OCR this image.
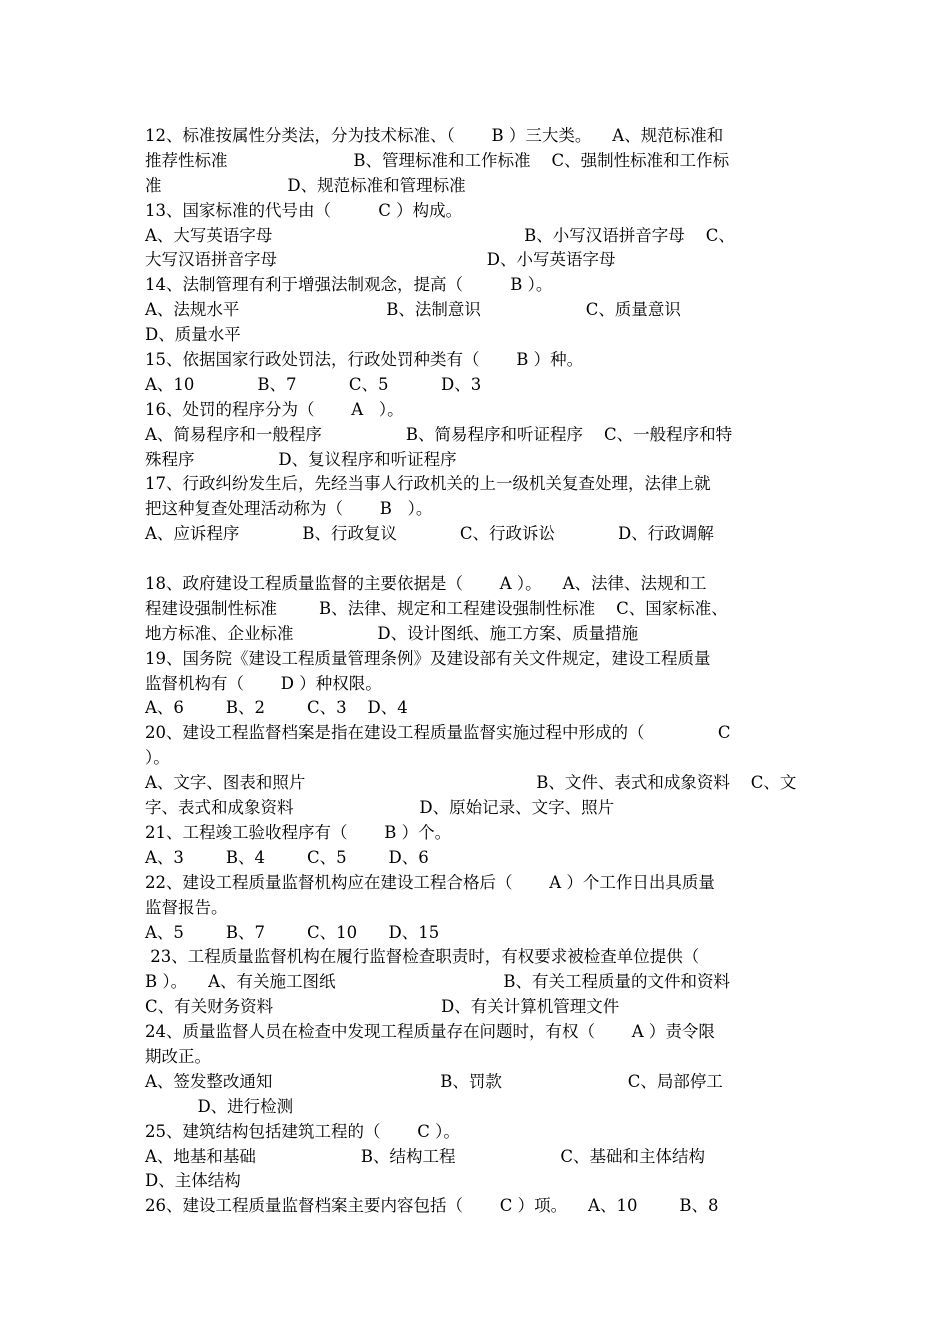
12、标准按属性分类法，分为技术标准、（       B ）三大类。    A、规范标准和
推荐性标准                        B、管理标准和工作标准    C、强制性标准和工作标
准                        D、规范标准和管理标准
13、国家标准的代号由（         C ）构成。
A、大写英语字母                                                B、小写汉语拼音字母    C、
大写汉语拼音字母                                        D、小写英语字母
14、法制管理有利于增强法制观念，提高（         B ）。
A、法规水平                            B、法制意识                    C、质量意识
D、质量水平
15、依据国家行政处罚法，行政处罚种类有（       B ）种。
A、10            B、7          C、5          D、3
16、处罚的程序分为（       A   ）。
A、简易程序和一般程序                B、简易程序和听证程序    C、一般程序和特
殊程序                D、复议程序和听证程序
17、行政纠纷发生后，先经当事人行政机关的上一级机关复查处理，法律上就
把这种复查处理活动称为（       B   ）。
A、应诉程序            B、行政复议            C、行政诉讼            D、行政调解
18、政府建设工程质量监督的主要依据是（       A ）。    A、法律、法规和工
程建设强制性标准        B、法律、规定和工程建设强制性标准    C、国家标准、
地方标准、企业标准                D、设计图纸、施工方案、质量措施
19、国务院《建设工程质量管理条例》及建设部有关文件规定，建设工程质量
监督机构有（       D ）种权限。
A、6        B、2        C、3    D、4
20、建设工程监督档案是指在建设工程质量监督实施过程中形成的（              C
）。
A、文字、图表和照片                                            B、文件、表式和成象资料    C、文
字、表式和成象资料                        D、原始记录、文字、照片
21、工程竣工验收程序有（       B ）个。
A、3        B、4        C、5        D、6
22、建设工程质量监督机构应在建设工程合格后（       A ）个工作日出具质量
监督报告。
A、5        B、7        C、10      D、15
23、工程质量监督机构在履行监督检查职责时，有权要求被检查单位提供（
B ）。    A、有关施工图纸                                B、有关工程质量的文件和资料
C、有关财务资料                                D、有关计算机管理文件
24、质量监督人员在检查中发现工程质量存在问题时，有权（       A ）责令限
期改正。
A、签发整改通知                                B、罚款                        C、局部停工
D、进行检测
25、建筑结构包括建筑工程的（       C ）。
A、地基和基础                    B、结构工程                    C、基础和主体结构
D、主体结构
26、建设工程质量监督档案主要内容包括（       C ）项。    A、10        B、8
